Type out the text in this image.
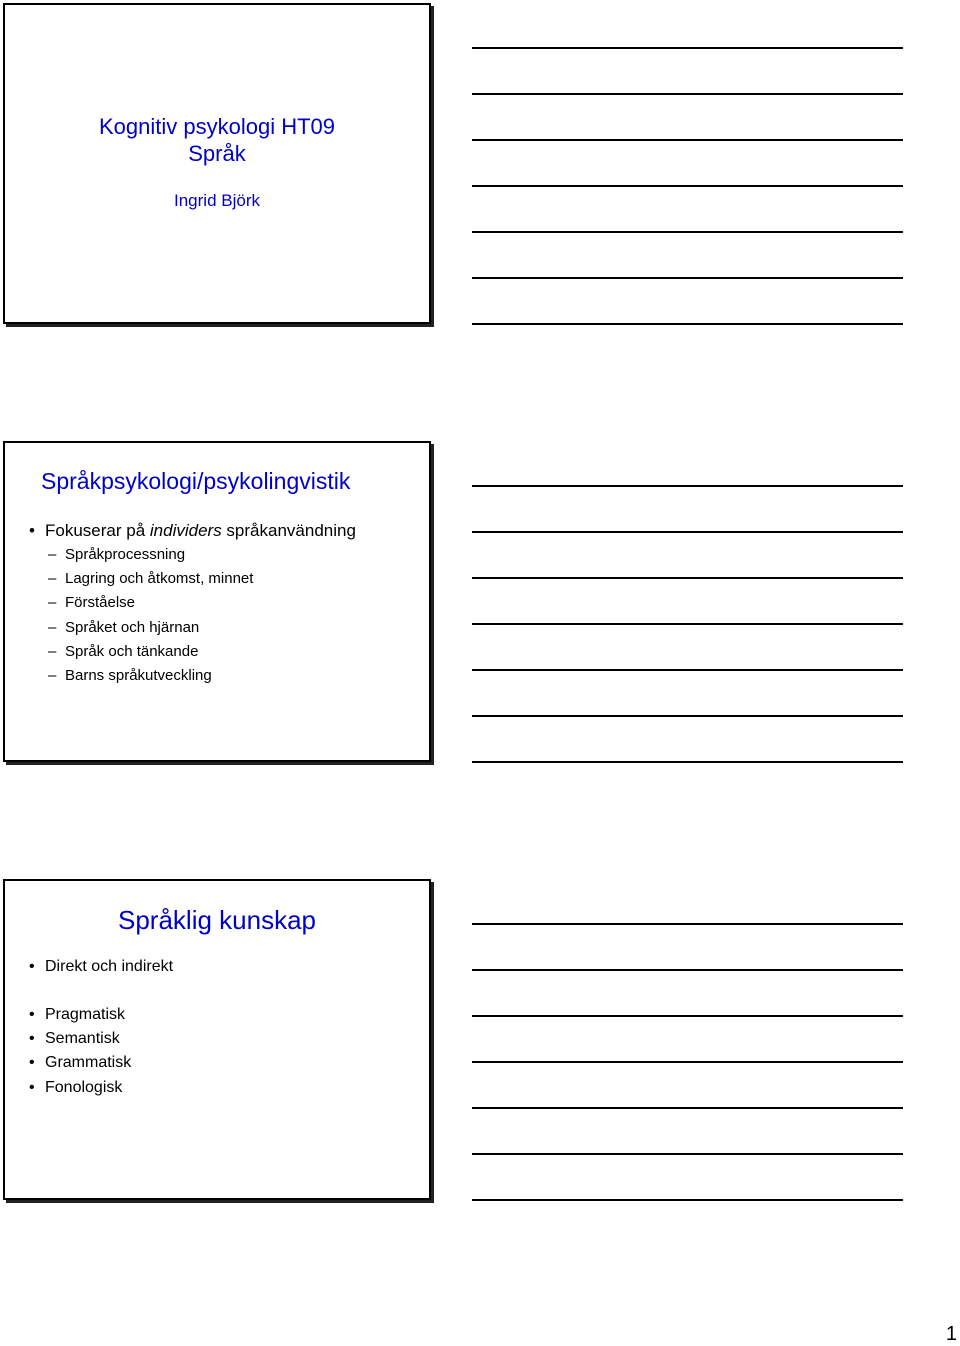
Kognitiv psykologi HT09
Språk
Ingrid Björk
Språkpsykologi/psykolingvistik
• Fokuserar på individers språkanvändning
– Språkprocessning
– Lagring och åtkomst, minnet
– Förståelse
– Språket och hjärnan
– Språk och tänkande
– Barns språkutveckling
Språklig kunskap
• Direkt och indirekt
• Pragmatisk
• Semantisk
• Grammatisk
• Fonologisk
1
